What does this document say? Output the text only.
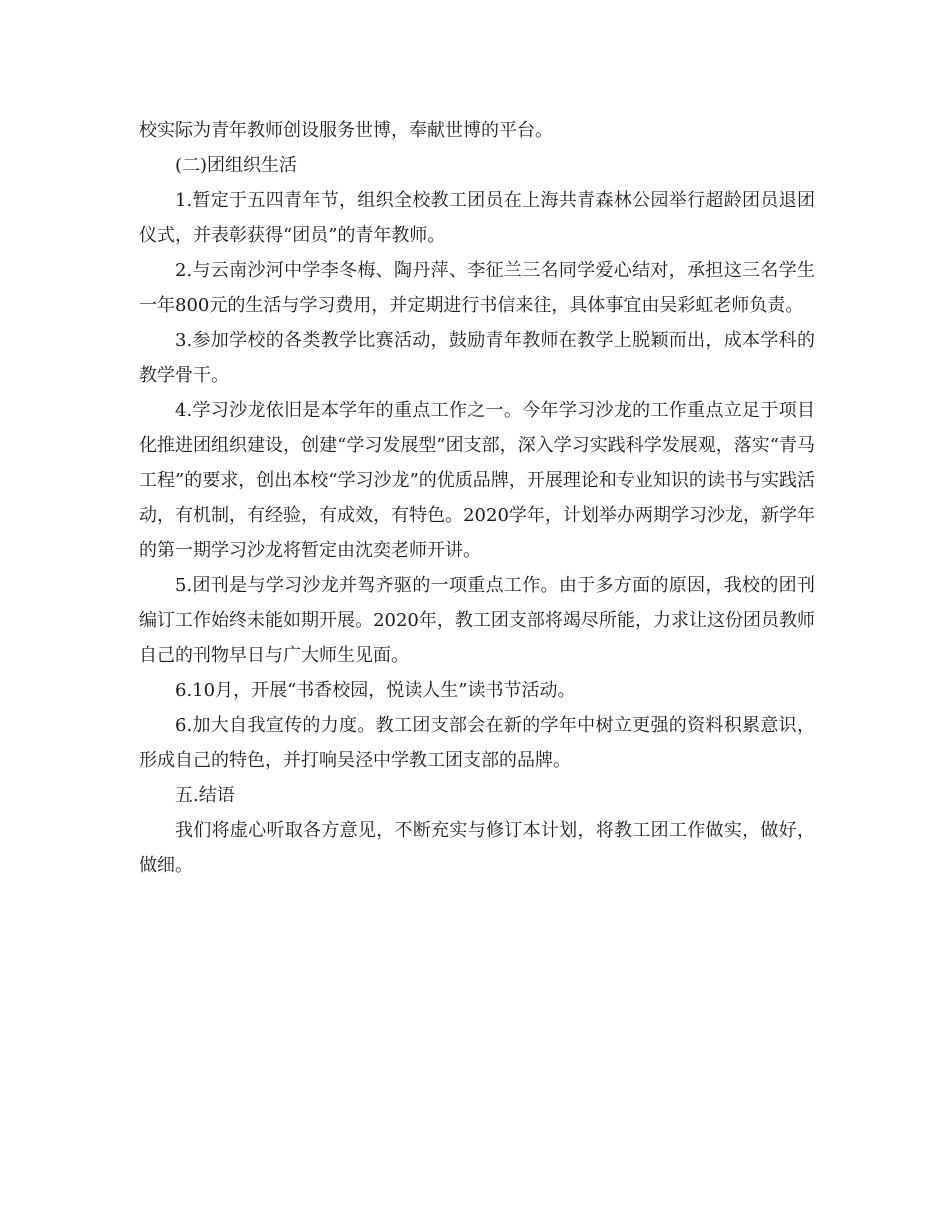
校实际为青年教师创设服务世博，奉献世博的平台。

(二)团组织生活

1.暂定于五四青年节，组织全校教工团员在上海共青森林公园举行超龄团员退团仪式，并表彰获得“团员”的青年教师。

2.与云南沙河中学李冬梅、陶丹萍、李征兰三名同学爱心结对，承担这三名学生一年800元的生活与学习费用，并定期进行书信来往，具体事宜由吴彩虹老师负责。

3.参加学校的各类教学比赛活动，鼓励青年教师在教学上脱颖而出，成本学科的教学骨干。

4.学习沙龙依旧是本学年的重点工作之一。今年学习沙龙的工作重点立足于项目化推进团组织建设，创建“学习发展型”团支部，深入学习实践科学发展观，落实“青马工程”的要求，创出本校“学习沙龙”的优质品牌，开展理论和专业知识的读书与实践活动，有机制，有经验，有成效，有特色。2020学年，计划举办两期学习沙龙，新学年的第一期学习沙龙将暂定由沈奕老师开讲。

5.团刊是与学习沙龙并驾齐驱的一项重点工作。由于多方面的原因，我校的团刊编订工作始终未能如期开展。2020年，教工团支部将竭尽所能，力求让这份团员教师自己的刊物早日与广大师生见面。

6.10月，开展“书香校园，悦读人生”读书节活动。

6.加大自我宣传的力度。教工团支部会在新的学年中树立更强的资料积累意识，形成自己的特色，并打响吴泾中学教工团支部的品牌。

五.结语

我们将虚心听取各方意见，不断充实与修订本计划，将教工团工作做实，做好，做细。
